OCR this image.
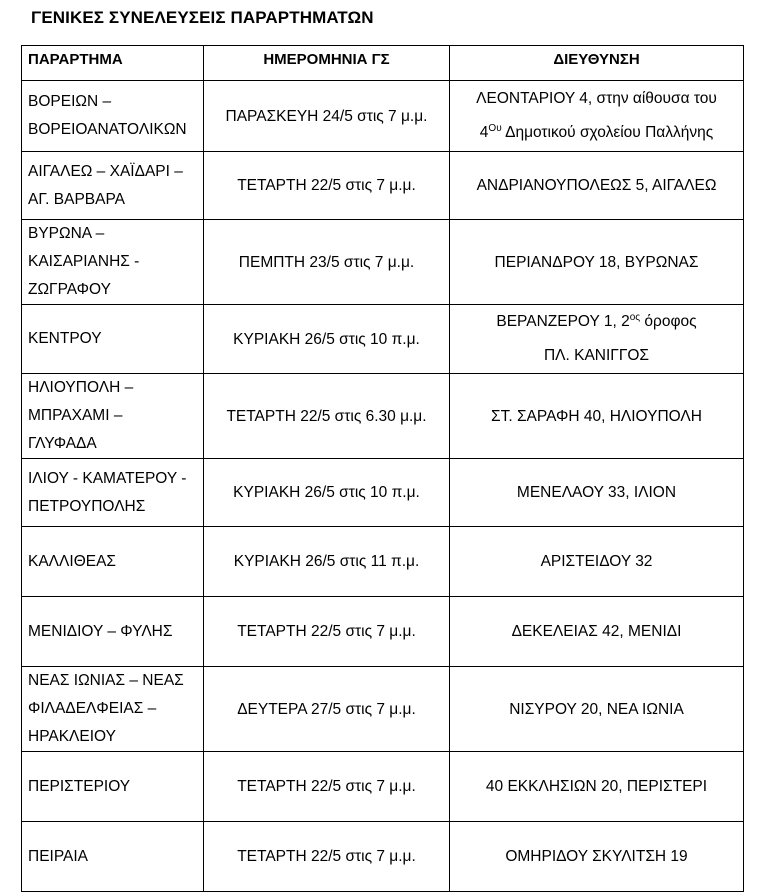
ΓΕΝΙΚΕΣ ΣΥΝΕΛΕΥΣΕΙΣ ΠΑΡΑΡΤΗΜΑΤΩΝ
ΠΑΡΑΡΤΗΜΑ	ΗΜΕΡΟΜΗΝΙΑ ΓΣ	ΔΙΕΥΘΥΝΣΗ

ΒΟΡΕΙΩΝ –
ΒΟΡΕΙΟΑΝΑΤΟΛΙΚΩΝ	ΠΑΡΑΣΚΕΥΗ 24/5 στις 7 μ.μ.	ΛΕΟΝΤΑΡΙΟΥ 4, στην αίθουσα του
$4^{O\upsilon}$ Δημοτικού σχολείου Παλλήνης

ΑΙΓΑΛΕΩ – ΧΑΪΔΑΡΙ –
ΑΓ. ΒΑΡΒΑΡΑ	ΤΕΤΑΡΤΗ 22/5 στις 7 μ.μ.	ΑΝΔΡΙΑΝΟΥΠΟΛΕΩΣ 5, ΑΙΓΑΛΕΩ

ΒΥΡΩΝΑ –
ΚΑΙΣΑΡΙΑΝΗΣ -
ΖΩΓΡΑΦΟΥ	ΠΕΜΠΤΗ 23/5 στις 7 μ.μ.	ΠΕΡΙΑΝΔΡΟΥ 18, ΒΥΡΩΝΑΣ

ΚΕΝΤΡΟΥ	ΚΥΡΙΑΚΗ 26/5 στις 10 π.μ.	ΒΕΡΑΝΖΕΡΟΥ 1, $2^{o\varsigma}$ όροφος
ΠΛ. ΚΑΝΙΓΓΟΣ

ΗΛΙΟΥΠΟΛΗ –
ΜΠΡΑΧΑΜΙ –
ΓΛΥΦΑΔΑ	ΤΕΤΑΡΤΗ 22/5 στις 6.30 μ.μ.	ΣΤ. ΣΑΡΑΦΗ 40, ΗΛΙΟΥΠΟΛΗ

ΙΛΙΟΥ - ΚΑΜΑΤΕΡΟΥ -
ΠΕΤΡΟΥΠΟΛΗΣ	ΚΥΡΙΑΚΗ 26/5 στις 10 π.μ.	ΜΕΝΕΛΑΟΥ 33, ΙΛΙΟΝ

ΚΑΛΛΙΘΕΑΣ	ΚΥΡΙΑΚΗ 26/5 στις 11 π.μ.	ΑΡΙΣΤΕΙΔΟΥ 32

ΜΕΝΙΔΙΟΥ – ΦΥΛΗΣ	ΤΕΤΑΡΤΗ 22/5 στις 7 μ.μ.	ΔΕΚΕΛΕΙΑΣ 42, ΜΕΝΙΔΙ

ΝΕΑΣ ΙΩΝΙΑΣ – ΝΕΑΣ
ΦΙΛΑΔΕΛΦΕΙΑΣ –
ΗΡΑΚΛΕΙΟΥ	ΔΕΥΤΕΡΑ 27/5 στις 7 μ.μ.	ΝΙΣΥΡΟΥ 20, ΝΕΑ ΙΩΝΙΑ

ΠΕΡΙΣΤΕΡΙΟΥ	ΤΕΤΑΡΤΗ 22/5 στις 7 μ.μ.	40 ΕΚΚΛΗΣΙΩΝ 20, ΠΕΡΙΣΤΕΡΙ

ΠΕΙΡΑΙΑ	ΤΕΤΑΡΤΗ 22/5 στις 7 μ.μ.	ΟΜΗΡΙΔΟΥ ΣΚΥΛΙΤΣΗ 19
